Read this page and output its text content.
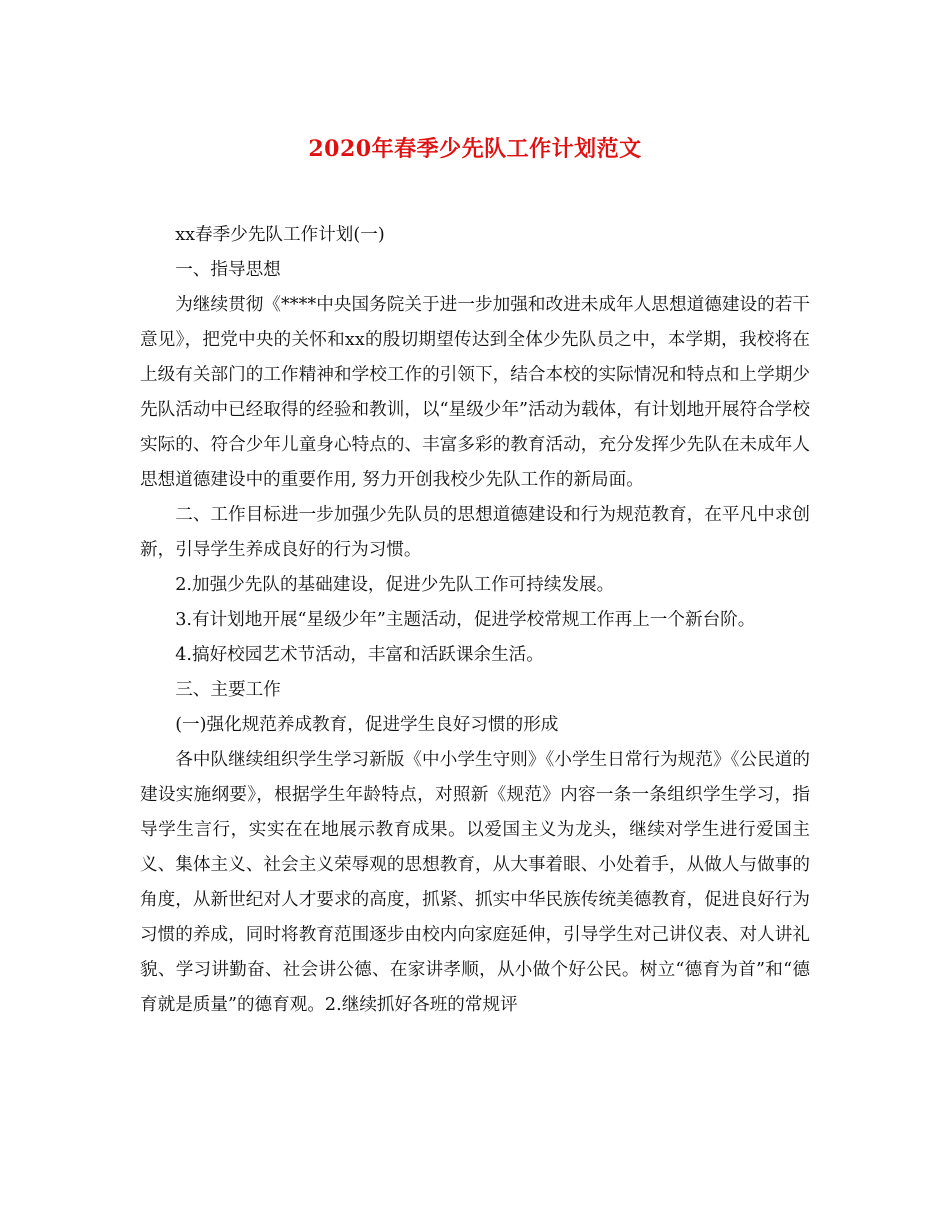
2020年春季少先队工作计划范文

xx春季少先队工作计划(一)

一、指导思想

为继续贯彻《****中央国务院关于进一步加强和改进未成年人思想道德建设的若干意见》，把党中央的关怀和xx的殷切期望传达到全体少先队员之中，本学期，我校将在上级有关部门的工作精神和学校工作的引领下，结合本校的实际情况和特点和上学期少先队活动中已经取得的经验和教训，以“星级少年”活动为载体，有计划地开展符合学校实际的、符合少年儿童身心特点的、丰富多彩的教育活动，充分发挥少先队在未成年人思想道德建设中的重要作用, 努力开创我校少先队工作的新局面。

二、工作目标进一步加强少先队员的思想道德建设和行为规范教育，在平凡中求创新，引导学生养成良好的行为习惯。

2.加强少先队的基础建设，促进少先队工作可持续发展。

3.有计划地开展“星级少年”主题活动，促进学校常规工作再上一个新台阶。

4.搞好校园艺术节活动，丰富和活跃课余生活。

三、主要工作

(一)强化规范养成教育，促进学生良好习惯的形成

各中队继续组织学生学习新版《中小学生守则》《小学生日常行为规范》《公民道的建设实施纲要》，根据学生年龄特点，对照新《规范》内容一条一条组织学生学习，指导学生言行，实实在在地展示教育成果。以爱国主义为龙头，继续对学生进行爱国主义、集体主义、社会主义荣辱观的思想教育，从大事着眼、小处着手，从做人与做事的角度，从新世纪对人才要求的高度，抓紧、抓实中华民族传统美德教育，促进良好行为习惯的养成，同时将教育范围逐步由校内向家庭延伸，引导学生对己讲仪表、对人讲礼貌、学习讲勤奋、社会讲公德、在家讲孝顺，从小做个好公民。树立“德育为首”和“德育就是质量”的德育观。2.继续抓好各班的常规评
